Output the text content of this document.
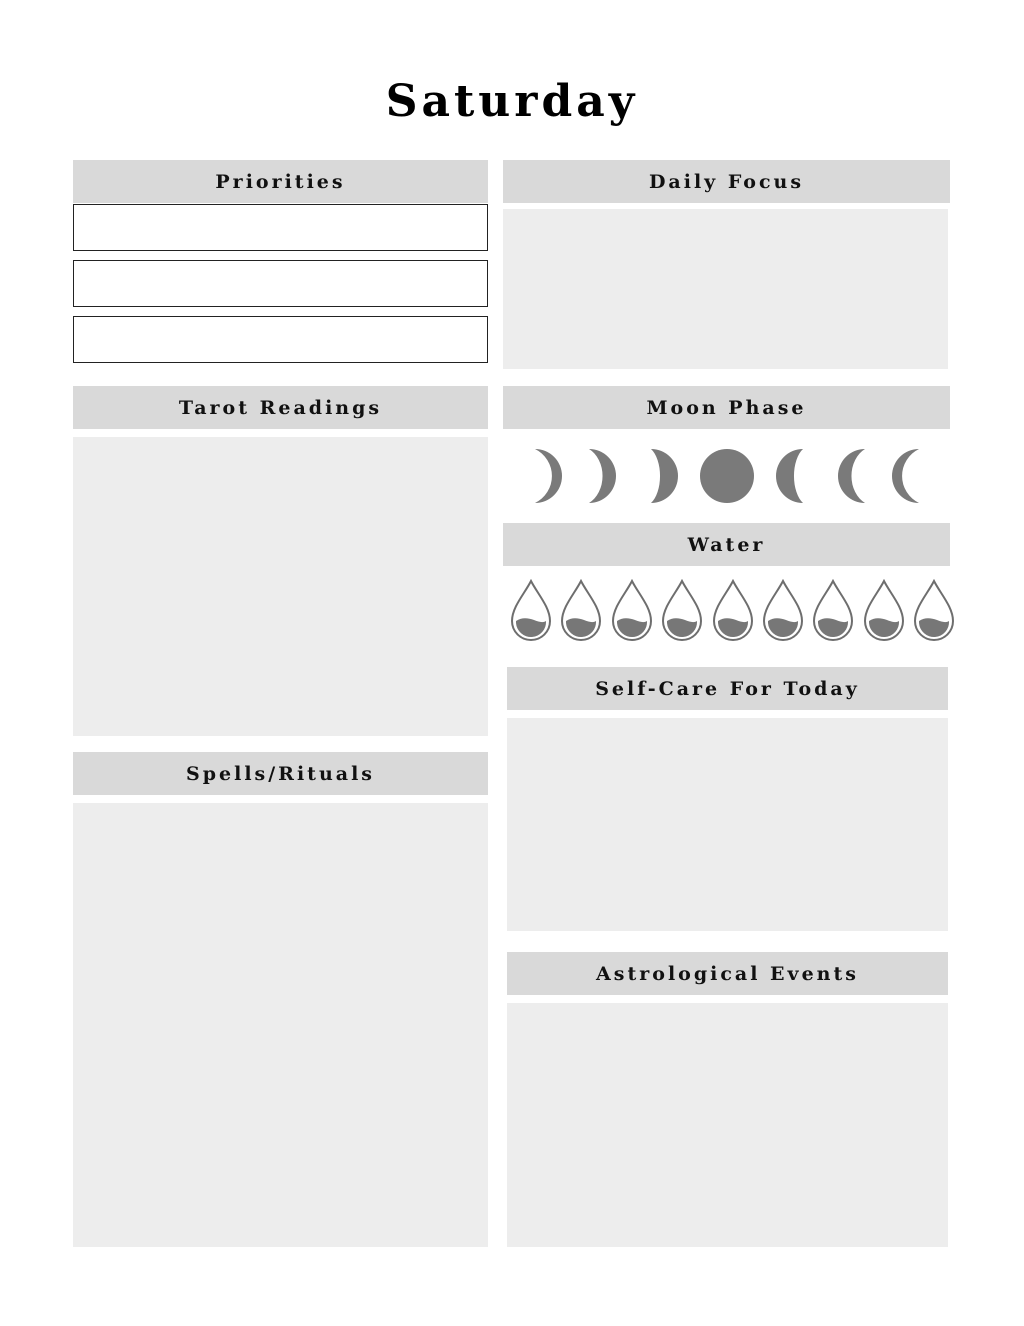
Saturday
Priorities
Tarot Readings
Spells/Rituals
Daily Focus
Moon Phase
Water
Self-Care For Today
Astrological Events
